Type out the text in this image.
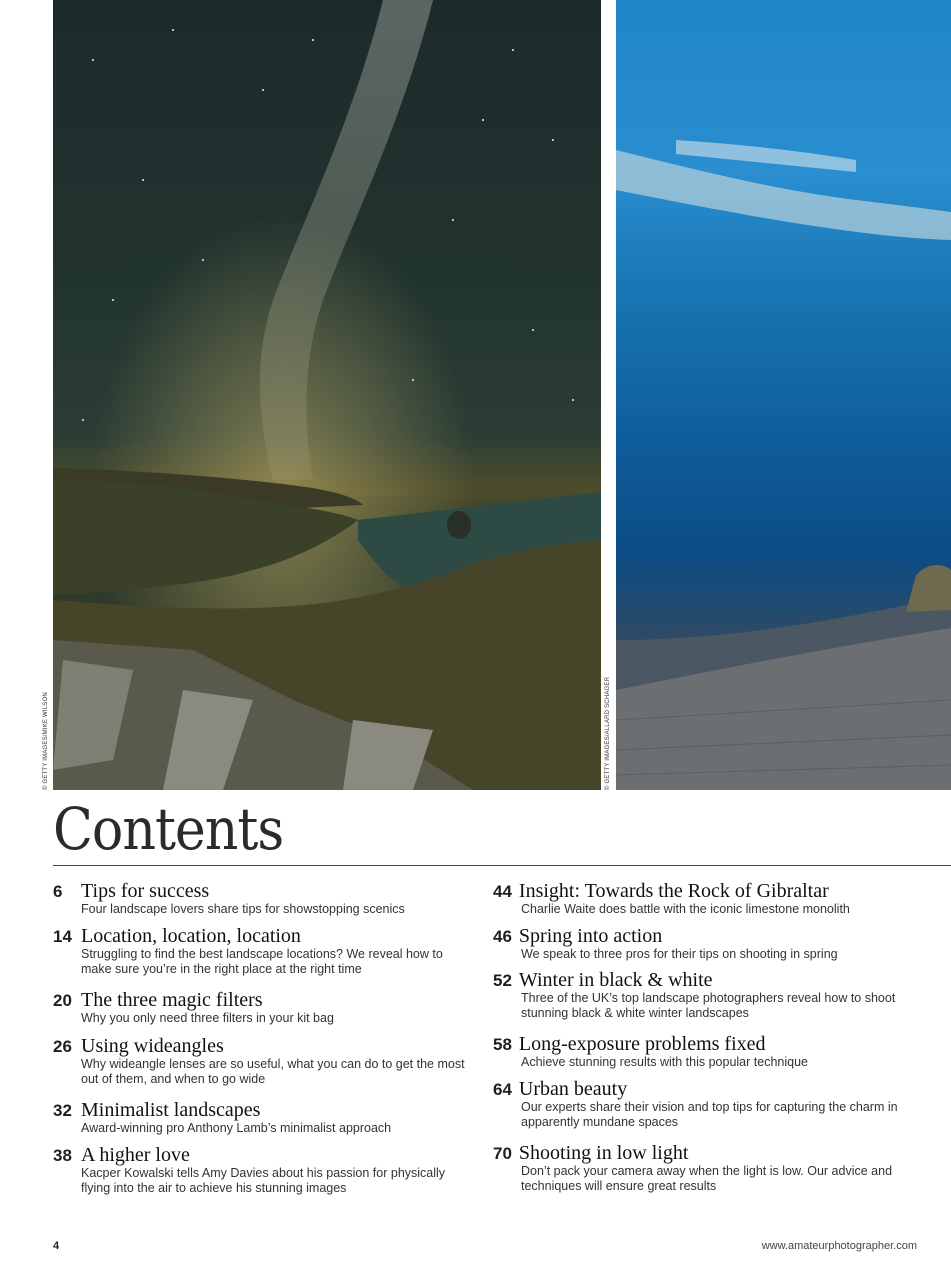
© GETTY IMAGES/MIKE WILSON	© GETTY IMAGES/ALLARD SCHAGER
Contents
6 Tips for success
Four landscape lovers share tips for showstopping scenics
14 Location, location, location
Struggling to find the best landscape locations? We reveal how to make sure you’re in the right place at the right time
20 The three magic filters
Why you only need three filters in your kit bag
26 Using wideangles
Why wideangle lenses are so useful, what you can do to get the most out of them, and when to go wide
32 Minimalist landscapes
Award-winning pro Anthony Lamb’s minimalist approach
38 A higher love
Kacper Kowalski tells Amy Davies about his passion for physically flying into the air to achieve his stunning images
44 Insight: Towards the Rock of Gibraltar
Charlie Waite does battle with the iconic limestone monolith
46 Spring into action
We speak to three pros for their tips on shooting in spring
52 Winter in black & white
Three of the UK’s top landscape photographers reveal how to shoot stunning black & white winter landscapes
58 Long-exposure problems fixed
Achieve stunning results with this popular technique
64 Urban beauty
Our experts share their vision and top tips for capturing the charm in apparently mundane spaces
70 Shooting in low light
Don’t pack your camera away when the light is low. Our advice and techniques will ensure great results
4	www.amateurphotographer.com
